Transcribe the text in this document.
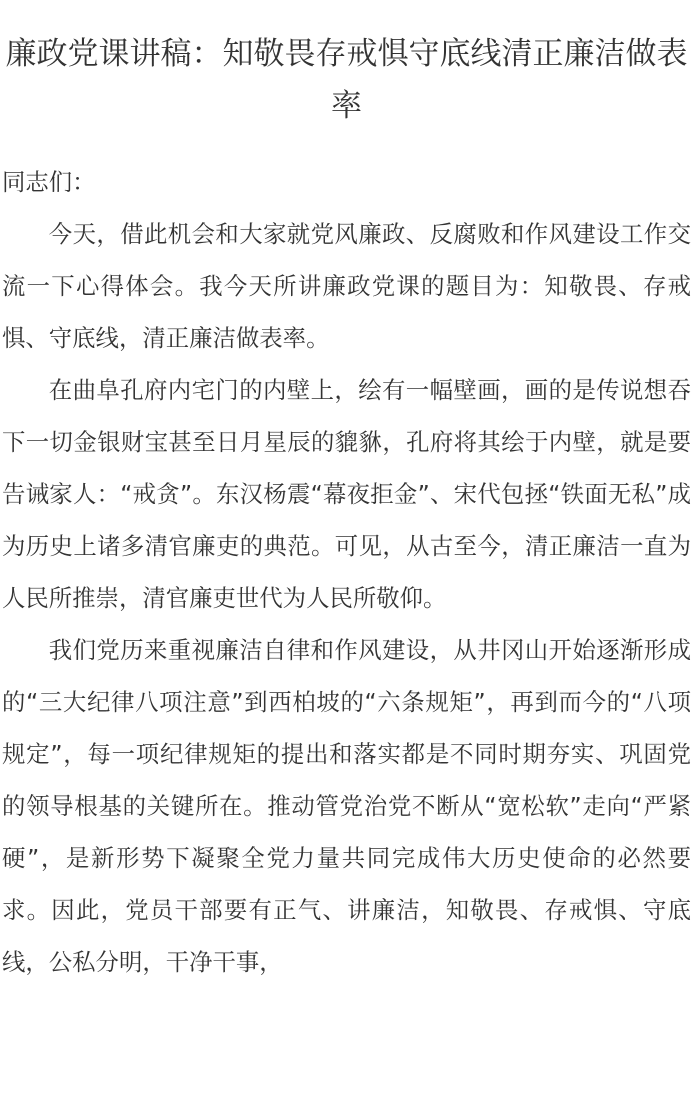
廉政党课讲稿：知敬畏存戒惧守底线清正廉洁做表率

同志们：

今天，借此机会和大家就党风廉政、反腐败和作风建设工作交流一下心得体会。我今天所讲廉政党课的题目为：知敬畏、存戒惧、守底线，清正廉洁做表率。

在曲阜孔府内宅门的内壁上，绘有一幅壁画，画的是传说想吞下一切金银财宝甚至日月星辰的貔貅，孔府将其绘于内壁，就是要告诫家人：“戒贪”。东汉杨震“幕夜拒金”、宋代包拯“铁面无私”成为历史上诸多清官廉吏的典范。可见，从古至今，清正廉洁一直为人民所推崇，清官廉吏世代为人民所敬仰。

我们党历来重视廉洁自律和作风建设，从井冈山开始逐渐形成的“三大纪律八项注意”到西柏坡的“六条规矩”，再到而今的“八项规定”，每一项纪律规矩的提出和落实都是不同时期夯实、巩固党的领导根基的关键所在。推动管党治党不断从“宽松软”走向“严紧硬”，是新形势下凝聚全党力量共同完成伟大历史使命的必然要求。因此，党员干部要有正气、讲廉洁，知敬畏、存戒惧、守底线，公私分明，干净干事，
